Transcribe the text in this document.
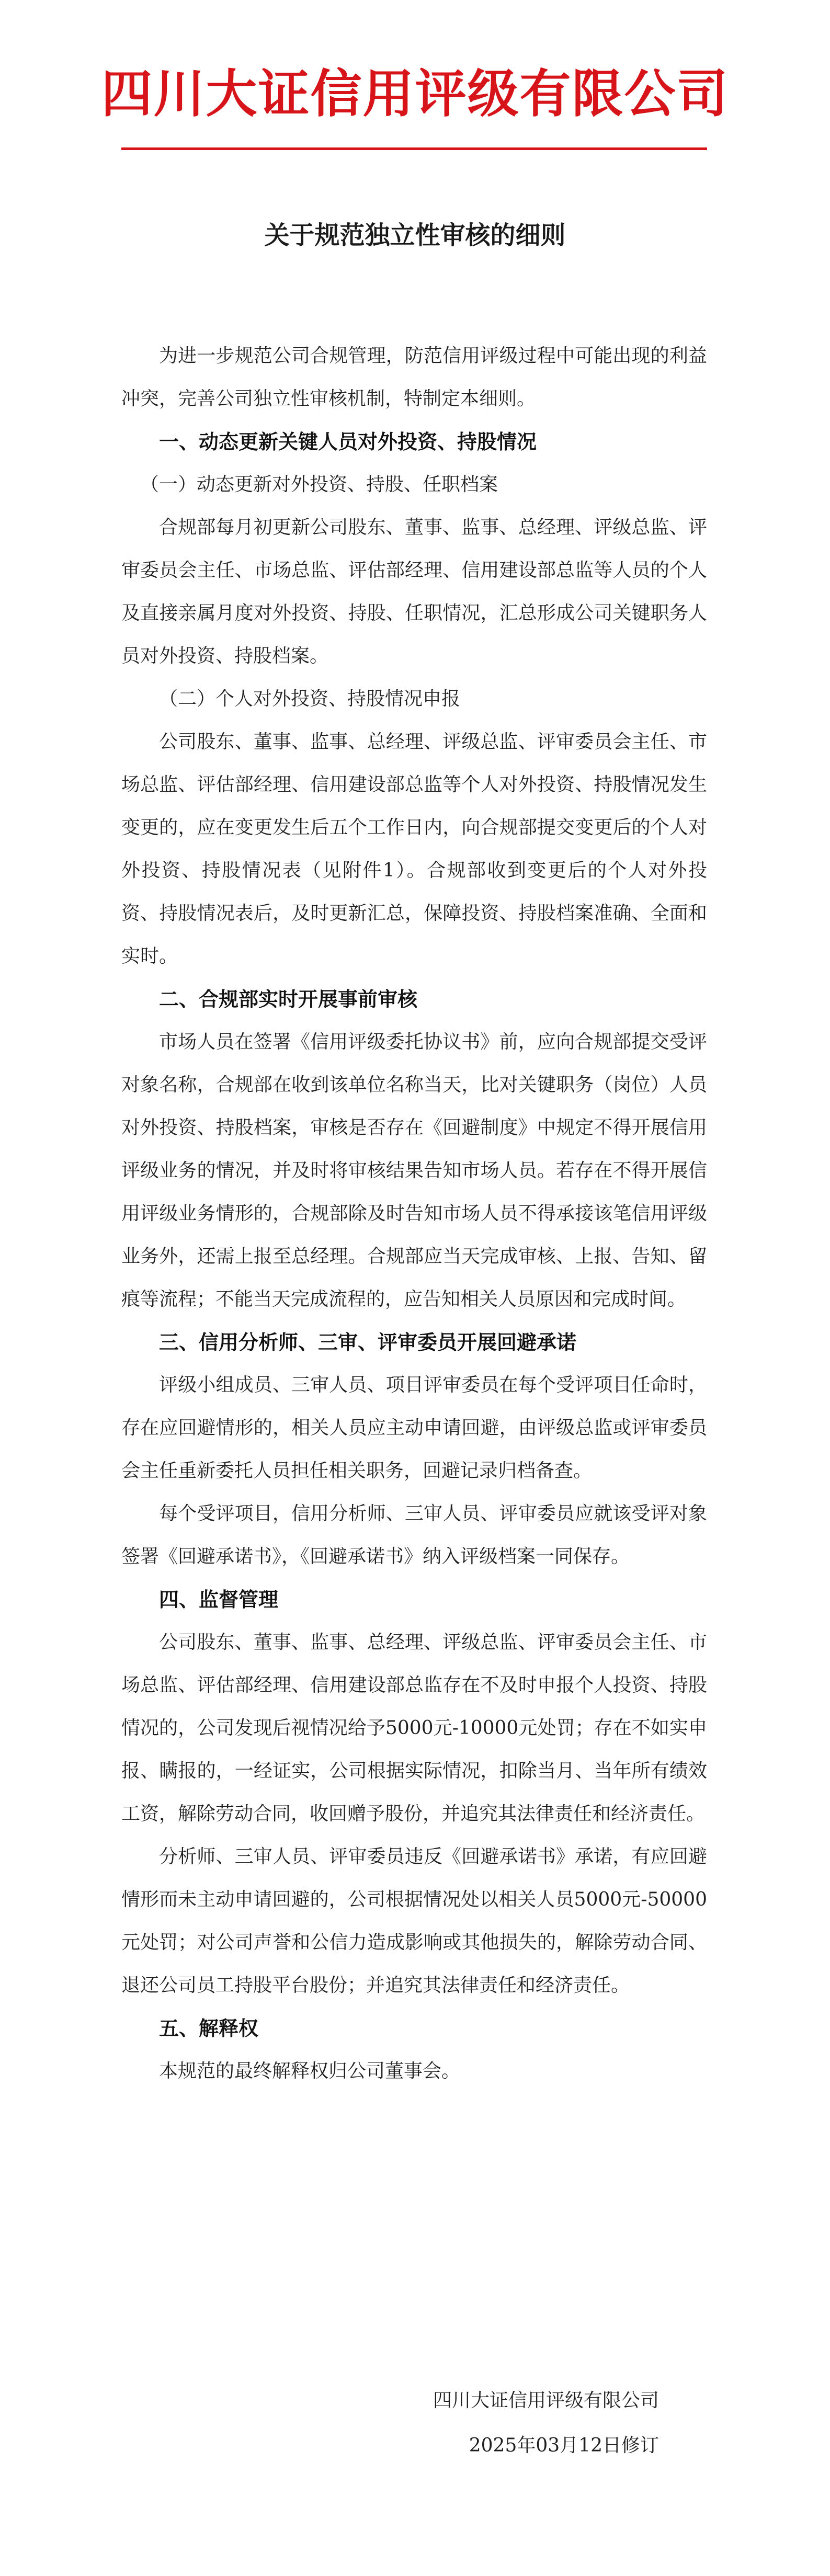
四川大证信用评级有限公司
关于规范独立性审核的细则

为进一步规范公司合规管理，防范信用评级过程中可能出现的利益冲突，完善公司独立性审核机制，特制定本细则。

一、动态更新关键人员对外投资、持股情况

（一）动态更新对外投资、持股、任职档案

合规部每月初更新公司股东、董事、监事、总经理、评级总监、评审委员会主任、市场总监、评估部经理、信用建设部总监等人员的个人及直接亲属月度对外投资、持股、任职情况，汇总形成公司关键职务人员对外投资、持股档案。

（二）个人对外投资、持股情况申报

公司股东、董事、监事、总经理、评级总监、评审委员会主任、市场总监、评估部经理、信用建设部总监等个人对外投资、持股情况发生变更的，应在变更发生后五个工作日内，向合规部提交变更后的个人对外投资、持股情况表（见附件1）。合规部收到变更后的个人对外投资、持股情况表后，及时更新汇总，保障投资、持股档案准确、全面和实时。

二、合规部实时开展事前审核

市场人员在签署《信用评级委托协议书》前，应向合规部提交受评对象名称，合规部在收到该单位名称当天，比对关键职务（岗位）人员对外投资、持股档案，审核是否存在《回避制度》中规定不得开展信用评级业务的情况，并及时将审核结果告知市场人员。若存在不得开展信用评级业务情形的，合规部除及时告知市场人员不得承接该笔信用评级业务外，还需上报至总经理。合规部应当天完成审核、上报、告知、留痕等流程；不能当天完成流程的，应告知相关人员原因和完成时间。

三、信用分析师、三审、评审委员开展回避承诺

评级小组成员、三审人员、项目评审委员在每个受评项目任命时，存在应回避情形的，相关人员应主动申请回避，由评级总监或评审委员会主任重新委托人员担任相关职务，回避记录归档备查。

每个受评项目，信用分析师、三审人员、评审委员应就该受评对象签署《回避承诺书》，《回避承诺书》纳入评级档案一同保存。

四、监督管理

公司股东、董事、监事、总经理、评级总监、评审委员会主任、市场总监、评估部经理、信用建设部总监存在不及时申报个人投资、持股情况的，公司发现后视情况给予5000元-10000元处罚；存在不如实申报、瞒报的，一经证实，公司根据实际情况，扣除当月、当年所有绩效工资，解除劳动合同，收回赠予股份，并追究其法律责任和经济责任。

分析师、三审人员、评审委员违反《回避承诺书》承诺，有应回避情形而未主动申请回避的，公司根据情况处以相关人员5000元-50000元处罚；对公司声誉和公信力造成影响或其他损失的，解除劳动合同、退还公司员工持股平台股份；并追究其法律责任和经济责任。

五、解释权

本规范的最终解释权归公司董事会。

四川大证信用评级有限公司
2025年03月12日修订
